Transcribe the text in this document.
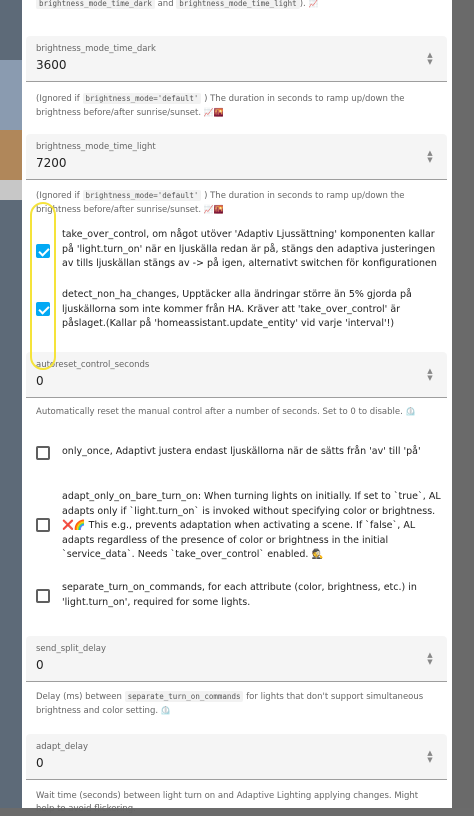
brightness_mode_time_dark and brightness_mode_time_light ). 📈
brightness_mode_time_dark
3600
▲
▼
(Ignored if brightness_mode='default' ) The duration in seconds to ramp up/down the brightness before/after sunrise/sunset. 📈🌇
brightness_mode_time_light
7200
▲
▼
(Ignored if brightness_mode='default' ) The duration in seconds to ramp up/down the brightness before/after sunrise/sunset. 📈🌇
take_over_control, om något utöver 'Adaptiv Ljussättning' komponenten kallar på 'light.turn_on' när en ljuskälla redan är på, stängs den adaptiva justeringen av tills ljuskällan stängs av -> på igen, alternativt switchen för konfigurationen
detect_non_ha_changes, Upptäcker alla ändringar större än 5% gjorda på ljuskällorna som inte kommer från HA. Kräver att 'take_over_control' är påslaget.(Kallar på 'homeassistant.update_entity' vid varje 'interval'!)
autoreset_control_seconds
0
▲
▼
Automatically reset the manual control after a number of seconds. Set to 0 to disable. ⏲️
only_once, Adaptivt justera endast ljuskällorna när de sätts från 'av' till 'på'
adapt_only_on_bare_turn_on: When turning lights on initially. If set to `true`, AL adapts only if `light.turn_on` is invoked without specifying color or brightness. ❌🌈 This e.g., prevents adaptation when activating a scene. If `false`, AL adapts regardless of the presence of color or brightness in the initial `service_data`. Needs `take_over_control` enabled. 🕵️
separate_turn_on_commands, for each attribute (color, brightness, etc.) in 'light.turn_on', required for some lights.
send_split_delay
0
▲
▼
Delay (ms) between separate_turn_on_commands for lights that don't support simultaneous brightness and color setting. ⏲️
adapt_delay
0
▲
▼
Wait time (seconds) between light turn on and Adaptive Lighting applying changes. Might help to avoid flickering.
